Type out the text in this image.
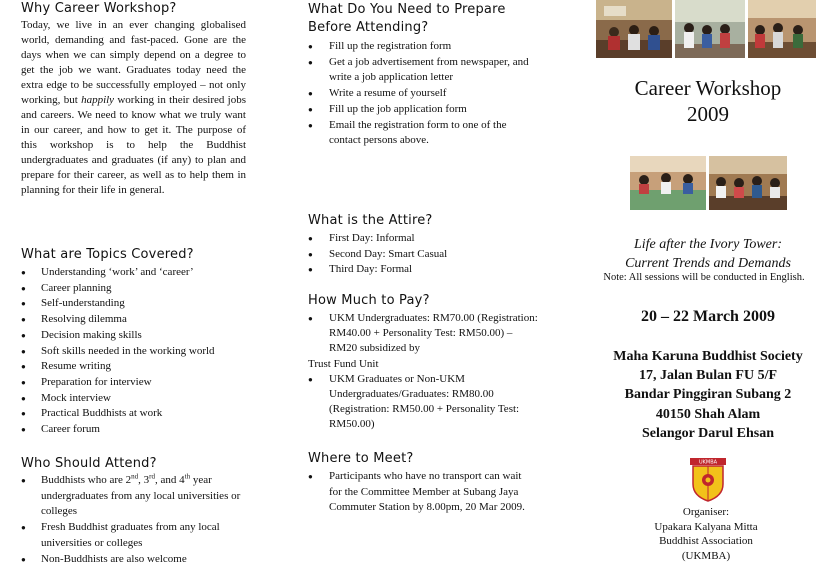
Why Career Workshop?
Today, we live in an ever changing globalised world, demanding and fast-paced. Gone are the days when we can simply depend on a degree to get the job we want. Graduates today need the extra edge to be successfully employed – not only working, but happily working in their desired jobs and careers. We need to know what we truly want in our career, and how to get it. The purpose of this workshop is to help the Buddhist undergraduates and graduates (if any) to plan and prepare for their career, as well as to help them in planning for their life in general.
What are Topics Covered?
● Understanding ‘work’ and ‘career’
● Career planning
● Self-understanding
● Resolving dilemma
● Decision making skills
● Soft skills needed in the working world
● Resume writing
● Preparation for interview
● Mock interview
● Practical Buddhists at work
● Career forum
Who Should Attend?
● Buddhists who are 2nd, 3rd, and 4th year undergraduates from any local universities or colleges
● Fresh Buddhist graduates from any local universities or colleges
● Non-Buddhists are also welcome
What Do You Need to Prepare
Before Attending?
● Fill up the registration form
● Get a job advertisement from newspaper, and write a job application letter
● Write a resume of yourself
● Fill up the job application form
● Email the registration form to one of the contact persons above.
What is the Attire?
● First Day: Informal
● Second Day: Smart Casual
● Third Day: Formal
How Much to Pay?
● UKM Undergraduates: RM70.00 (Registration: RM40.00 + Personality Test: RM50.00) – RM20 subsidized by
Trust Fund Unit
● UKM Graduates or Non-UKM Undergraduates/Graduates: RM80.00 (Registration: RM50.00 + Personality Test: RM50.00)
Where to Meet?
● Participants who have no transport can wait for the Committee Member at Subang Jaya Commuter Station by 8.00pm, 20 Mar 2009.
Career Workshop
2009
Life after the Ivory Tower:
Current Trends and Demands
Note: All sessions will be conducted in English.
20 – 22 March 2009
Maha Karuna Buddhist Society
17, Jalan Bulan FU 5/F
Bandar Pinggiran Subang 2
40150 Shah Alam
Selangor Darul Ehsan
UKMBA
Organiser:
Upakara Kalyana Mitta
Buddhist Association
(UKMBA)
